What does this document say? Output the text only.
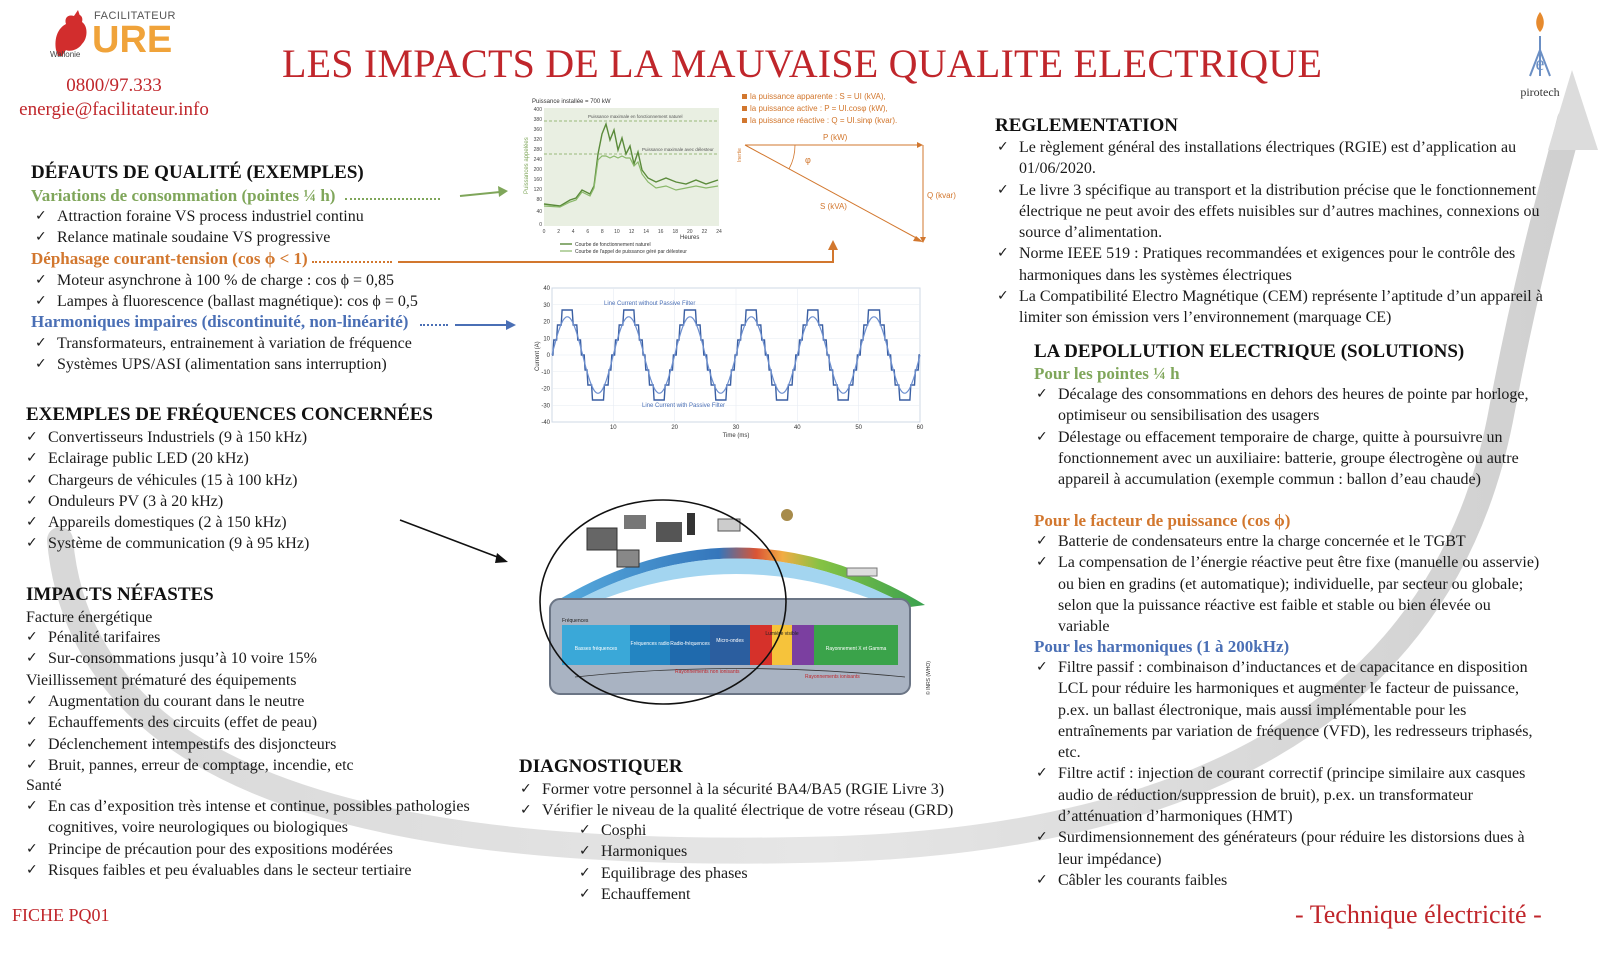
Wallonie
FACILITATEUR
URE
0800/97.333
energie@facilitateur.info
e
pirotech
LES IMPACTS DE LA MAUVAISE QUALITE ELECTRIQUE
DÉFAUTS DE QUALITÉ (EXEMPLES)
Variations de consommation (pointes ¼ h)
✓ Attraction foraine VS process industriel continu
✓ Relance matinale soudaine VS progressive
Déphasage courant-tension (cos ϕ < 1)
✓ Moteur asynchrone à 100 % de charge : cos ϕ = 0,85
✓ Lampes à fluorescence (ballast magnétique): cos ϕ = 0,5
Harmoniques impaires (discontinuité, non-linéarité)
✓ Transformateurs, entrainement à variation de fréquence
✓ Systèmes UPS/ASI (alimentation sans interruption)
EXEMPLES DE FRÉQUENCES CONCERNÉES
✓ Convertisseurs Industriels (9 à 150 kHz)
✓ Eclairage public LED (20 kHz)
✓ Chargeurs de véhicules (15 à 100 kHz)
✓ Onduleurs PV (3 à 20 kHz)
✓ Appareils domestiques (2 à 150 kHz)
✓ Système de communication (9 à 95 kHz)
IMPACTS NÉFASTES
Facture énergétique
✓ Pénalité tarifaires
✓ Sur-consommations jusqu’à 10 voire 15%
Vieillissement prématuré des équipements
✓ Augmentation du courant dans le neutre
✓ Echauffements des circuits (effet de peau)
✓ Déclenchement intempestifs des disjoncteurs
✓ Bruit, pannes, erreur de comptage, incendie, etc
Santé
✓ En cas d’exposition très intense et continue, possibles pathologies cognitives, voire neurologiques ou biologiques
✓ Principe de précaution pour des expositions modérées
✓ Risques faibles et peu évaluables dans le secteur tertiaire
DIAGNOSTIQUER
✓ Former votre personnel à la sécurité BA4/BA5 (RGIE Livre 3)
✓ Vérifier le niveau de la qualité électrique de votre réseau (GRD)
✓ Cosphi
✓ Harmoniques
✓ Equilibrage des phases
✓ Echauffement
REGLEMENTATION
✓ Le règlement général des installations électriques (RGIE) est d’application au 01/06/2020.
✓ Le livre 3 spécifique au transport et la distribution précise que le fonctionnement électrique ne peut avoir des effets nuisibles sur d’autres machines, connexions ou source d’alimentation.
✓ Norme IEEE 519 : Pratiques recommandées et exigences pour le contrôle des harmoniques dans les systèmes électriques
✓ La Compatibilité Electro Magnétique (CEM) représente l’aptitude d’un appareil à limiter son émission vers l’environnement (marquage CE)
LA DEPOLLUTION ELECTRIQUE (SOLUTIONS)
Pour les pointes ¼ h
✓ Décalage des consommations en dehors des heures de pointe par horloge, optimiseur ou sensibilisation des usagers
✓ Délestage ou effacement temporaire de charge, quitte à poursuivre un fonctionnement avec un auxiliaire: batterie, groupe électrogène ou autre appareil à accumulation (exemple commun : ballon d’eau chaude)
Pour le facteur de puissance (cos ϕ)
✓ Batterie de condensateurs entre la charge concernée et le TGBT
✓ La compensation de l’énergie réactive peut être fixe (manuelle ou asservie) ou bien en gradins (et automatique); individuelle, par secteur ou globale; selon que la puissance réactive est faible et stable ou bien élevée ou variable
Pour les harmoniques (1 à 200kHz)
✓ Filtre passif : combinaison d’inductances et de capacitance en disposition LCL pour réduire les harmoniques et augmenter le facteur de puissance, p.ex. un ballast électronique, mais aussi implémentable pour les entraînements par variation de fréquence (VFD), les redresseurs triphasés, etc.
✓ Filtre actif : injection de courant correctif (principe similaire aux casques audio de réduction/suppression de bruit), p.ex. un transformateur d’atténuation d’harmoniques (HMT)
✓ Surdimensionnement des générateurs (pour réduire les distorsions dues à leur impédance)
✓ Câbler les courants faibles
Puissance installée = 700 kW
Puissances appelées
400
380
360
320
280
240
200
160
120
80
40
0
0 2 4 6 8 10 12 14 16 18 20 22 24
Heures
Puissance maximale en fonctionnement naturel
Puissance maximale avec délesteur
Courbe de fonctionnement naturel
Courbe de l'appel de puissance géré par délesteur
la puissance apparente : S = UI (kVA),
la puissance active : P = UI.cosφ (kW),
la puissance réactive : Q = UI.sinφ (kvar).
Inertie	φ
P (kW)
S (kVA)
Q (kvar)
40
30
20
10
0
-10
-20
-30
-40
10	20	30	40	50	60
Time (ms)
Current (A)
Line Current without Passive Filter
Line Current with Passive Filter
Fréquences
Basses fréquences
Fréquences radio Radio-fréquences Micro-ondes
Lumière visible
Rayonnement X et Gamma
Rayonnements non ionisants
Rayonnements ionisants	© INRS (WHO)
FICHE PQ01	- Technique électricité -
